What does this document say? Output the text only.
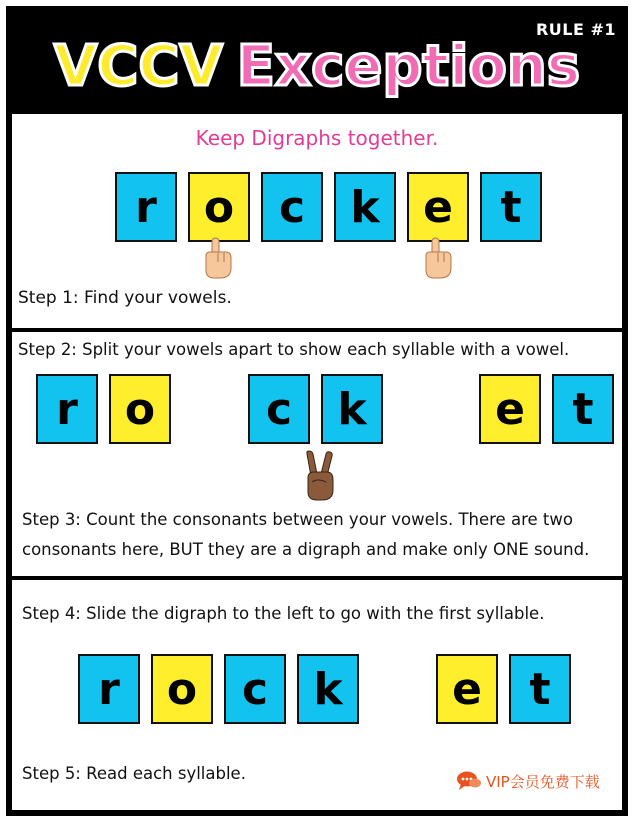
RULE #1
VCCV Exceptions
Keep Digraphs together.
r	o	c	k e	t
Step 1: Find your vowels.
Step 2: Split your vowels apart to show each syllable with a vowel.
r	o	c	k	e	t
Step 3: Count the consonants between your vowels. There are two
consonants here, BUT they are a digraph and make only ONE sound.
Step 4: Slide the digraph to the left to go with the first syllable.
r	o	c	k	e	t
Step 5: Read each syllable.	VIP会员免费下载
